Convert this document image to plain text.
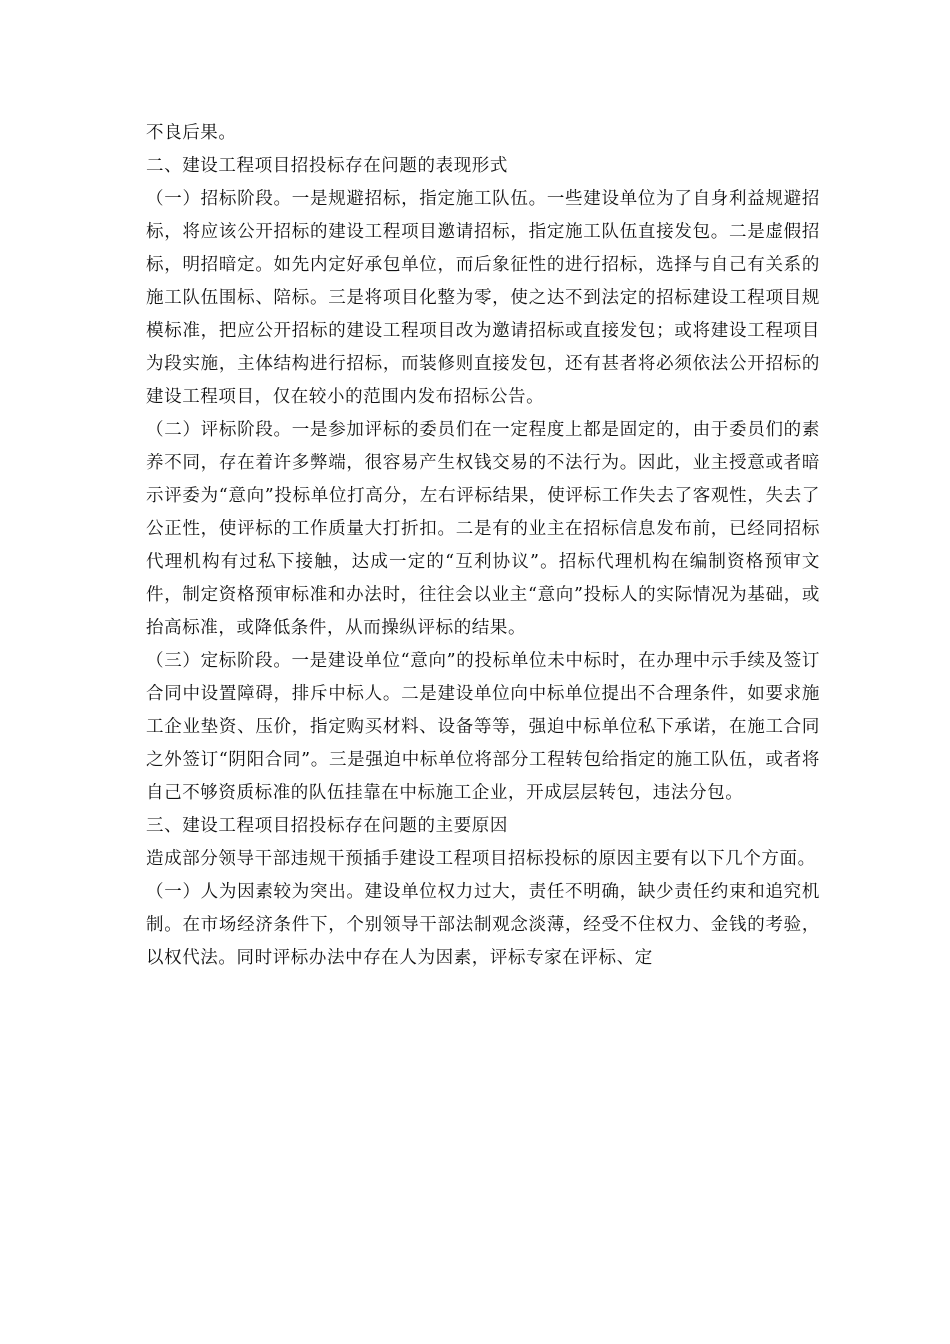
不良后果。

二、建设工程项目招投标存在问题的表现形式

（一）招标阶段。一是规避招标，指定施工队伍。一些建设单位为了自身利益规避招标，将应该公开招标的建设工程项目邀请招标，指定施工队伍直接发包。二是虚假招标，明招暗定。如先内定好承包单位，而后象征性的进行招标，选择与自己有关系的施工队伍围标、陪标。三是将项目化整为零，使之达不到法定的招标建设工程项目规模标准，把应公开招标的建设工程项目改为邀请招标或直接发包；或将建设工程项目为段实施，主体结构进行招标，而装修则直接发包，还有甚者将必须依法公开招标的建设工程项目，仅在较小的范围内发布招标公告。

（二）评标阶段。一是参加评标的委员们在一定程度上都是固定的，由于委员们的素养不同，存在着许多弊端，很容易产生权钱交易的不法行为。因此，业主授意或者暗示评委为“意向”投标单位打高分，左右评标结果，使评标工作失去了客观性，失去了公正性，使评标的工作质量大打折扣。二是有的业主在招标信息发布前，已经同招标代理机构有过私下接触，达成一定的“互利协议”。招标代理机构在编制资格预审文件，制定资格预审标准和办法时，往往会以业主“意向”投标人的实际情况为基础，或抬高标准，或降低条件，从而操纵评标的结果。

（三）定标阶段。一是建设单位“意向”的投标单位未中标时，在办理中示手续及签订合同中设置障碍，排斥中标人。二是建设单位向中标单位提出不合理条件，如要求施工企业垫资、压价，指定购买材料、设备等等，强迫中标单位私下承诺，在施工合同之外签订“阴阳合同”。三是强迫中标单位将部分工程转包给指定的施工队伍，或者将自己不够资质标准的队伍挂靠在中标施工企业，开成层层转包，违法分包。

三、建设工程项目招投标存在问题的主要原因

造成部分领导干部违规干预插手建设工程项目招标投标的原因主要有以下几个方面。

（一）人为因素较为突出。建设单位权力过大，责任不明确，缺少责任约束和追究机制。在市场经济条件下，个别领导干部法制观念淡薄，经受不住权力、金钱的考验，以权代法。同时评标办法中存在人为因素，评标专家在评标、定
